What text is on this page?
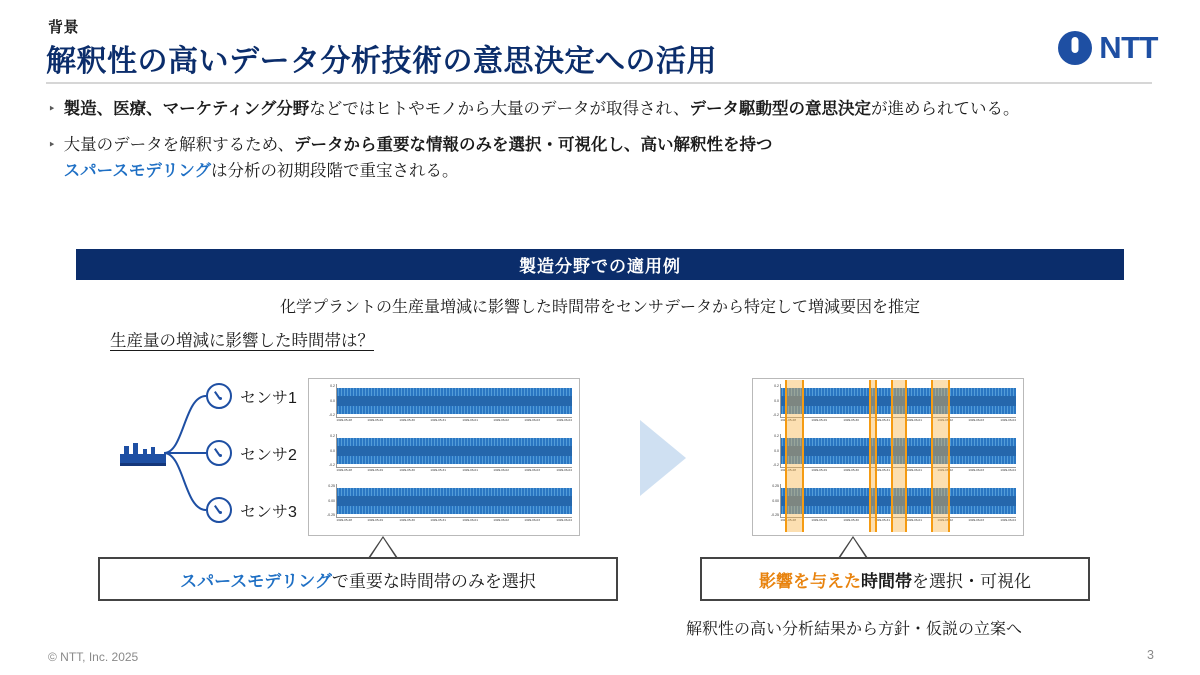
背景
解釈性の高いデータ分析技術の意思決定への活用	NTT
‣ 製造、医療、マーケティング分野などではヒトやモノから大量のデータが取得され、データ駆動型の意思決定が進められている。
‣ 大量のデータを解釈するため、データから重要な情報のみを選択・可視化し、高い解釈性を持つ
スパースモデリングは分析の初期段階で重宝される。
製造分野での適用例
化学プラントの生産量増減に影響した時間帯をセンサデータから特定して増減要因を推定
生産量の増減に影響した時間帯は？
センサ1
センサ2
センサ3
0.2
0.0
-0.2
1999-05-28	1999-05-29	1999-05-30	1999-05-31	1999-06-01	1999-06-02	1999-06-03	1999-06-04
0.2
0.0
-0.2
1999-05-28	1999-05-29	1999-05-30	1999-05-31	1999-06-01	1999-06-02	1999-06-03	1999-06-04
0.25
0.00
-0.25
1999-05-28	1999-05-29	1999-05-30	1999-05-31	1999-06-01	1999-06-02	1999-06-03	1999-06-04
0.2
0.0
-0.2
1999-05-28	1999-05-29	1999-05-30	1999-05-31	1999-06-01	1999-06-02	1999-06-03	1999-06-04
0.2
0.0
-0.2
1999-05-28	1999-05-29	1999-05-30	1999-05-31	1999-06-01	1999-06-02	1999-06-03	1999-06-04
0.25
0.00
-0.25
1999-05-28	1999-05-29	1999-05-30	1999-05-31	1999-06-01	1999-06-02	1999-06-03	1999-06-04
スパースモデリング で重要な時間帯のみを選択	影響を与えた 時間帯 を選択・可視化
解釈性の高い分析結果から方針・仮説の立案へ
© NTT, Inc. 2025	3
